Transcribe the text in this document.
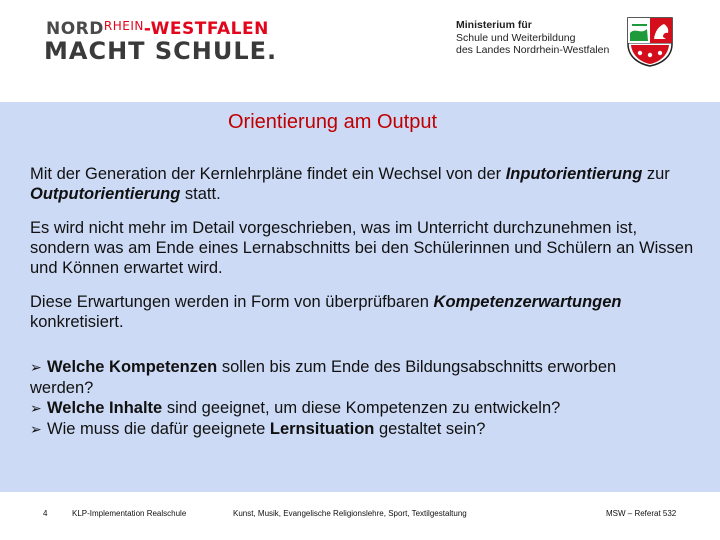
$NORD^{RHEIN}$-WESTFALEN
MACHT SCHULE.
Ministerium für
Schule und Weiterbildung
des Landes Nordrhein-Westfalen
Orientierung am Output
Mit der Generation der Kernlehrpläne findet ein Wechsel von der Inputorientierung zur Outputorientierung statt.
Es wird nicht mehr im Detail vorgeschrieben, was im Unterricht durchzunehmen ist, sondern was am Ende eines Lernabschnitts bei den Schülerinnen und Schülern an Wissen und Können erwartet wird.
Diese Erwartungen werden in Form von überprüfbaren Kompetenzerwartungen
konkretisiert.
➢ Welche Kompetenzen sollen bis zum Ende des Bildungsabschnitts erworben
werden?
➢ Welche Inhalte sind geeignet, um diese Kompetenzen zu entwickeln?
➢ Wie muss die dafür geeignete Lernsituation gestaltet sein?
4	KLP-Implementation Realschule	Kunst, Musik, Evangelische Religionslehre, Sport, Textilgestaltung	MSW – Referat 532
